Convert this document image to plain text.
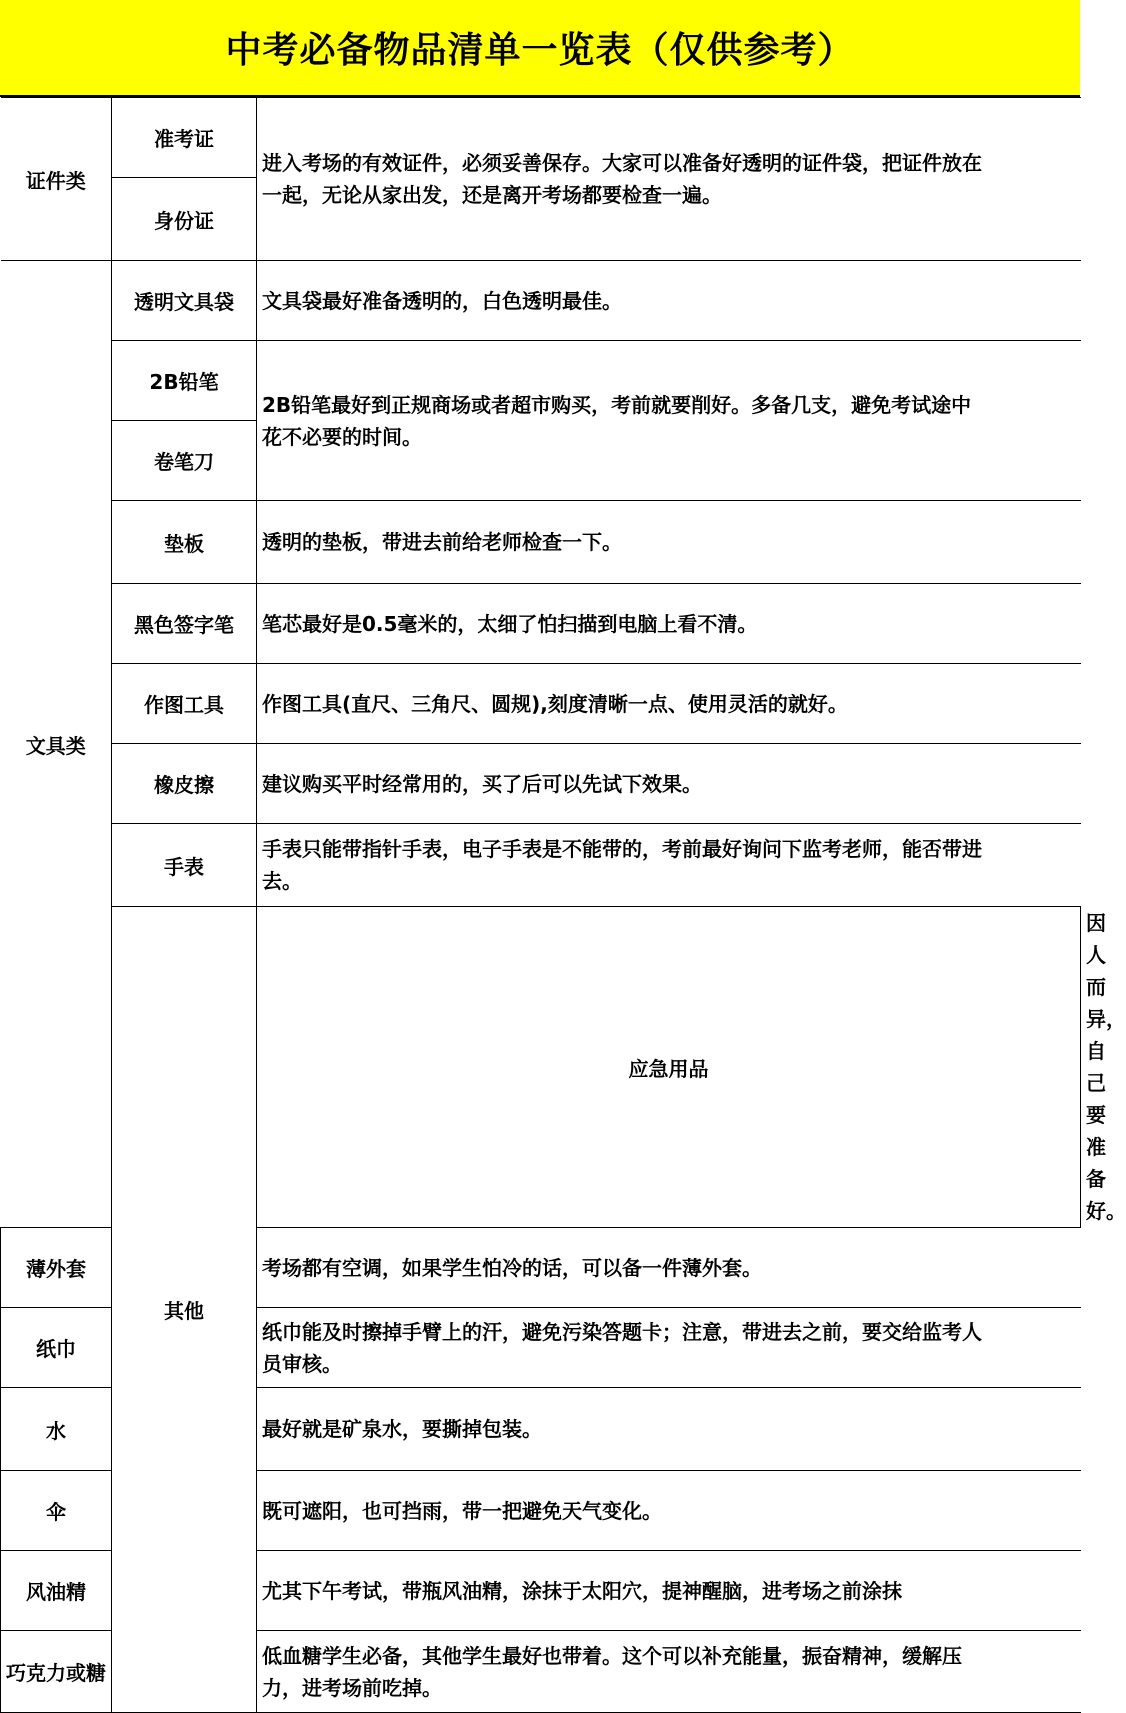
中考必备物品清单一览表（仅供参考）
证件类	准考证	进入考场的有效证件，必须妥善保存。大家可以准备好透明的证件袋，把证件放在一起，无论从家出发，还是离开考场都要检查一遍。	
	身份证		
文具类	透明文具袋	文具袋最好准备透明的，白色透明最佳。	
	2B铅笔	2B铅笔最好到正规商场或者超市购买，考前就要削好。多备几支，避免考试途中花不必要的时间。	
	卷笔刀		
	垫板	透明的垫板，带进去前给老师检查一下。	
	黑色签字笔	笔芯最好是0.5毫米的，太细了怕扫描到电脑上看不清。	
	作图工具	作图工具(直尺、三角尺、圆规),刻度清晰一点、使用灵活的就好。	
	橡皮擦	建议购买平时经常用的，买了后可以先试下效果。	
	手表	手表只能带指针手表，电子手表是不能带的，考前最好询问下监考老师，能否带进去。	
	其他	应急用品	因人而异，自己要准备好。
薄外套		考场都有空调，如果学生怕冷的话，可以备一件薄外套。	
纸巾		纸巾能及时擦掉手臂上的汗，避免污染答题卡；注意，带进去之前，要交给监考人员审核。	
水		最好就是矿泉水，要撕掉包装。	
伞		既可遮阳，也可挡雨，带一把避免天气变化。	
风油精		尤其下午考试，带瓶风油精，涂抹于太阳穴，提神醒脑，进考场之前涂抹	
巧克力或糖		低血糖学生必备，其他学生最好也带着。这个可以补充能量，振奋精神，缓解压力，进考场前吃掉。	
